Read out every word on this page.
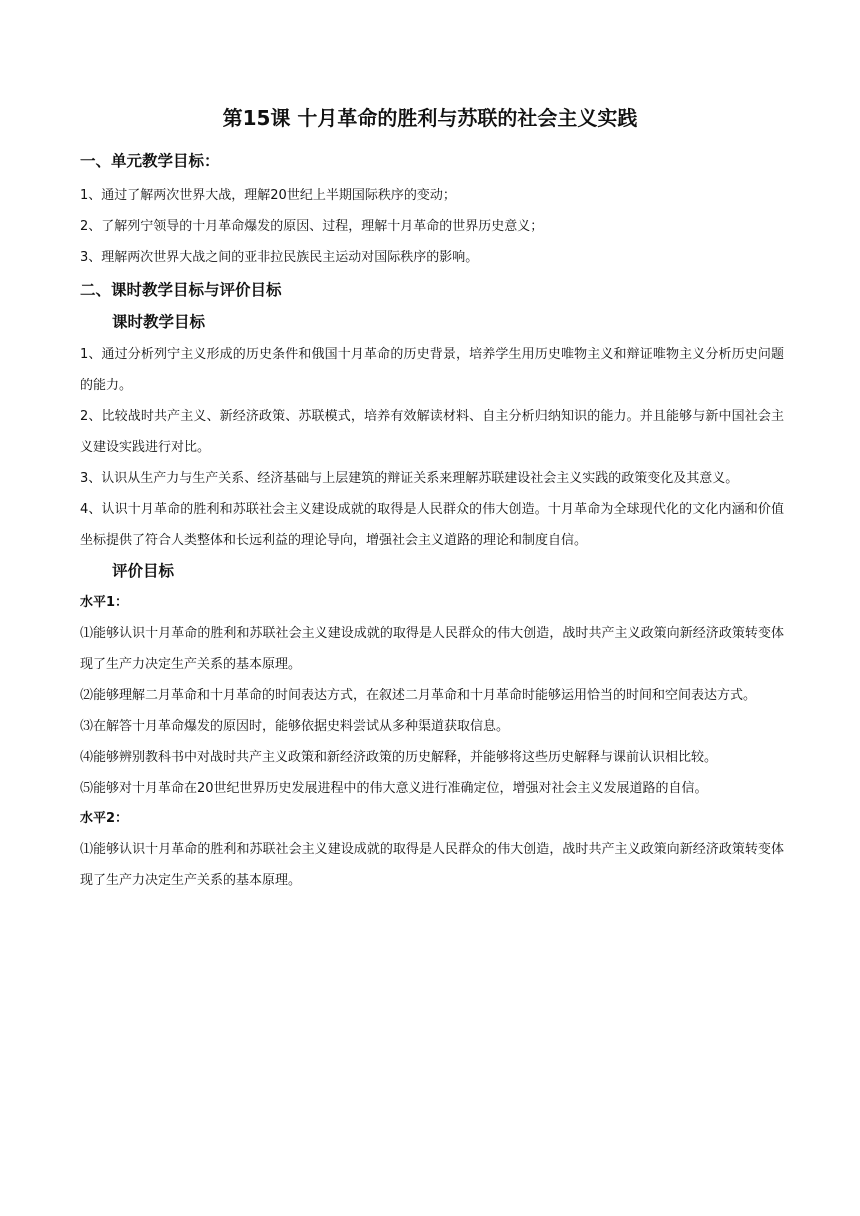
第15课 十月革命的胜利与苏联的社会主义实践
一、单元教学目标：

1、通过了解两次世界大战，理解20世纪上半期国际秩序的变动；

2、了解列宁领导的十月革命爆发的原因、过程，理解十月革命的世界历史意义；

3、理解两次世界大战之间的亚非拉民族民主运动对国际秩序的影响。

二、课时教学目标与评价目标
课时教学目标

1、通过分析列宁主义形成的历史条件和俄国十月革命的历史背景，培养学生用历史唯物主义和辩证唯物主义分析历史问题的能力。

2、比较战时共产主义、新经济政策、苏联模式，培养有效解读材料、自主分析归纳知识的能力。并且能够与新中国社会主义建设实践进行对比。

3、认识从生产力与生产关系、经济基础与上层建筑的辩证关系来理解苏联建设社会主义实践的政策变化及其意义。

4、认识十月革命的胜利和苏联社会主义建设成就的取得是人民群众的伟大创造。十月革命为全球现代化的文化内涵和价值坐标提供了符合人类整体和长远利益的理论导向，增强社会主义道路的理论和制度自信。

评价目标
水平1：

⑴能够认识十月革命的胜利和苏联社会主义建设成就的取得是人民群众的伟大创造，战时共产主义政策向新经济政策转变体现了生产力决定生产关系的基本原理。

⑵能够理解二月革命和十月革命的时间表达方式，在叙述二月革命和十月革命时能够运用恰当的时间和空间表达方式。

⑶在解答十月革命爆发的原因时，能够依据史料尝试从多种渠道获取信息。

⑷能够辨别教科书中对战时共产主义政策和新经济政策的历史解释，并能够将这些历史解释与课前认识相比较。

⑸能够对十月革命在20世纪世界历史发展进程中的伟大意义进行准确定位，增强对社会主义发展道路的自信。

水平2：

⑴能够认识十月革命的胜利和苏联社会主义建设成就的取得是人民群众的伟大创造，战时共产主义政策向新经济政策转变体现了生产力决定生产关系的基本原理。
